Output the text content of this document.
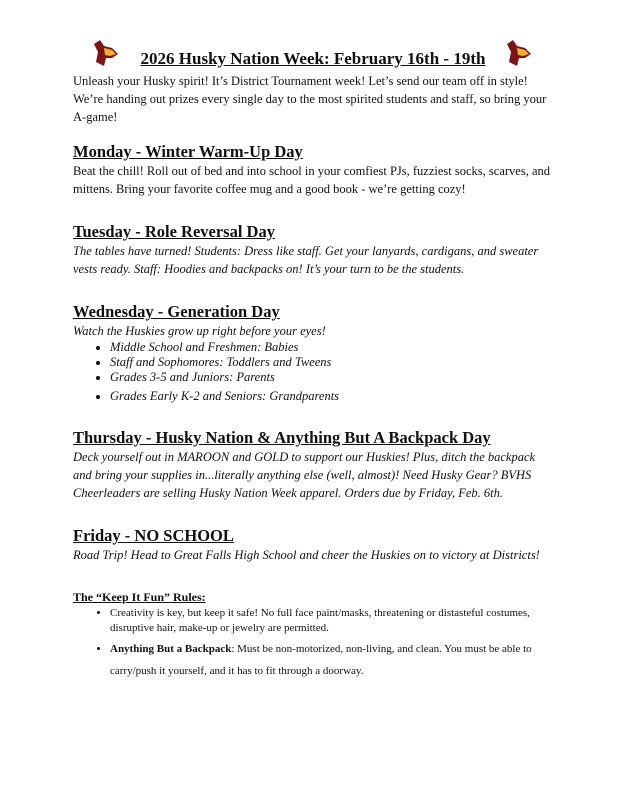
2026 Husky Nation Week: February 16th - 19th

Unleash your Husky spirit! It’s District Tournament week! Let’s send our team off in style! We’re handing out prizes every single day to the most spirited students and staff, so bring your A-game!

Monday - Winter Warm-Up Day

Beat the chill! Roll out of bed and into school in your comfiest PJs, fuzziest socks, scarves, and mittens. Bring your favorite coffee mug and a good book - we’re getting cozy!

Tuesday - Role Reversal Day

The tables have turned! Students: Dress like staff. Get your lanyards, cardigans, and sweater vests ready. Staff: Hoodies and backpacks on! It’s your turn to be the students.

Wednesday - Generation Day

Watch the Huskies grow up right before your eyes!

• Middle School and Freshmen: Babies
• Staff and Sophomores: Toddlers and Tweens
• Grades 3-5 and Juniors: Parents
• Grades Early K-2 and Seniors: Grandparents

Thursday - Husky Nation & Anything But A Backpack Day

Deck yourself out in MAROON and GOLD to support our Huskies! Plus, ditch the backpack and bring your supplies in...literally anything else (well, almost)! Need Husky Gear? BVHS Cheerleaders are selling Husky Nation Week apparel. Orders due by Friday, Feb. 6th.

Friday - NO SCHOOL

Road Trip! Head to Great Falls High School and cheer the Huskies on to victory at Districts!

The “Keep It Fun” Rules:

• Creativity is key, but keep it safe! No full face paint/masks, threatening or distasteful costumes, disruptive hair, make-up or jewelry are permitted.
• Anything But a Backpack: Must be non-motorized, non-living, and clean. You must be able to carry/push it yourself, and it has to fit through a doorway.
